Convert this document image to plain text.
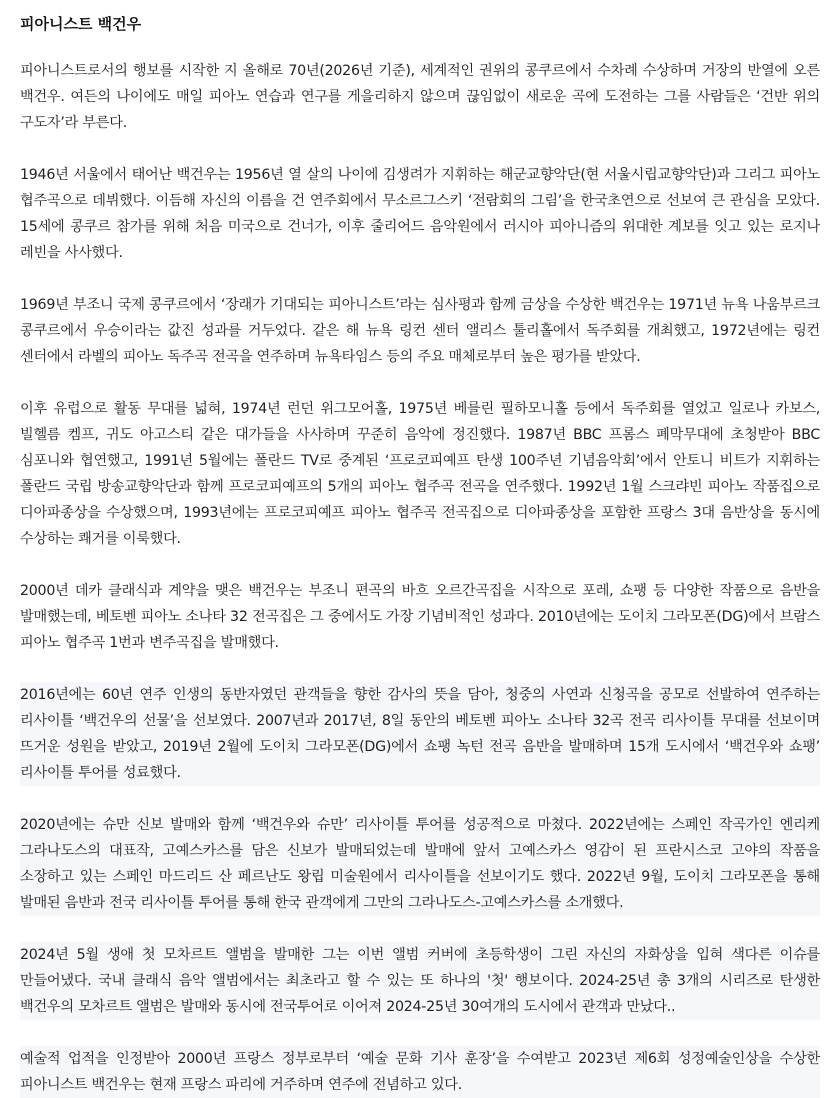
피아니스트 백건우

피아니스트로서의 행보를 시작한 지 올해로 70년(2026년 기준), 세계적인 권위의 콩쿠르에서 수차례 수상하며 거장의 반열에 오른 백건우. 여든의 나이에도 매일 피아노 연습과 연구를 게을리하지 않으며 끊임없이 새로운 곡에 도전하는 그를 사람들은 ‘건반 위의 구도자’라 부른다.

1946년 서울에서 태어난 백건우는 1956년 열 살의 나이에 김생려가 지휘하는 해군교향악단(현 서울시립교향악단)과 그리그 피아노 협주곡으로 데뷔했다. 이듬해 자신의 이름을 건 연주회에서 무소르그스키 ‘전람회의 그림’을 한국초연으로 선보여 큰 관심을 모았다. 15세에 콩쿠르 참가를 위해 처음 미국으로 건너가, 이후 줄리어드 음악원에서 러시아 피아니즘의 위대한 계보를 잇고 있는 로지나 레빈을 사사했다.

1969년 부조니 국제 콩쿠르에서 ‘장래가 기대되는 피아니스트’라는 심사평과 함께 금상을 수상한 백건우는 1971년 뉴욕 나움부르크 콩쿠르에서 우승이라는 값진 성과를 거두었다. 같은 해 뉴욕 링컨 센터 앨리스 툴리홀에서 독주회를 개최했고, 1972년에는 링컨 센터에서 라벨의 피아노 독주곡 전곡을 연주하며 뉴욕타임스 등의 주요 매체로부터 높은 평가를 받았다.

이후 유럽으로 활동 무대를 넓혀, 1974년 런던 위그모어홀, 1975년 베를린 필하모니홀 등에서 독주회를 열었고 일로나 카보스, 빌헬름 켐프, 귀도 아고스티 같은 대가들을 사사하며 꾸준히 음악에 정진했다. 1987년 BBC 프롬스 폐막무대에 초청받아 BBC 심포니와 협연했고, 1991년 5월에는 폴란드 TV로 중계된 ‘프로코피예프 탄생 100주년 기념음악회’에서 안토니 비트가 지휘하는 폴란드 국립 방송교향악단과 함께 프로코피예프의 5개의 피아노 협주곡 전곡을 연주했다. 1992년 1월 스크랴빈 피아노 작품집으로 디아파종상을 수상했으며, 1993년에는 프로코피예프 피아노 협주곡 전곡집으로 디아파종상을 포함한 프랑스 3대 음반상을 동시에 수상하는 쾌거를 이룩했다.

2000년 데카 클래식과 계약을 맺은 백건우는 부조니 편곡의 바흐 오르간곡집을 시작으로 포레, 쇼팽 등 다양한 작품으로 음반을 발매했는데, 베토벤 피아노 소나타 32 전곡집은 그 중에서도 가장 기념비적인 성과다. 2010년에는 도이치 그라모폰(DG)에서 브람스 피아노 협주곡 1번과 변주곡집을 발매했다.

2016년에는 60년 연주 인생의 동반자였던 관객들을 향한 감사의 뜻을 담아, 청중의 사연과 신청곡을 공모로 선발하여 연주하는 리사이틀 ‘백건우의 선물’을 선보였다. 2007년과 2017년, 8일 동안의 베토벤 피아노 소나타 32곡 전곡 리사이틀 무대를 선보이며 뜨거운 성원을 받았고, 2019년 2월에 도이치 그라모폰(DG)에서 쇼팽 녹턴 전곡 음반을 발매하며 15개 도시에서 ‘백건우와 쇼팽’ 리사이틀 투어를 성료했다.

2020년에는 슈만 신보 발매와 함께 ‘백건우와 슈만’ 리사이틀 투어를 성공적으로 마쳤다. 2022년에는 스페인 작곡가인 엔리케 그라나도스의 대표작, 고예스카스를 담은 신보가 발매되었는데 발매에 앞서 고예스카스 영감이 된 프란시스코 고야의 작품을 소장하고 있는 스페인 마드리드 산 페르난도 왕립 미술원에서 리사이틀을 선보이기도 했다. 2022년 9월, 도이치 그라모폰을 통해 발매된 음반과 전국 리사이틀 투어를 통해 한국 관객에게 그만의 그라나도스-고예스카스를 소개했다.

2024년 5월 생애 첫 모차르트 앨범을 발매한 그는 이번 앨범 커버에 초등학생이 그린 자신의 자화상을 입혀 색다른 이슈를 만들어냈다. 국내 클래식 음악 앨범에서는 최초라고 할 수 있는 또 하나의 '첫' 행보이다. 2024-25년 총 3개의 시리즈로 탄생한 백건우의 모차르트 앨범은 발매와 동시에 전국투어로 이어져 2024-25년 30여개의 도시에서 관객과 만났다..

예술적 업적을 인정받아 2000년 프랑스 정부로부터 ‘예술 문화 기사 훈장’을 수여받고 2023년 제6회 성정예술인상을 수상한 피아니스트 백건우는 현재 프랑스 파리에 거주하며 연주에 전념하고 있다.
